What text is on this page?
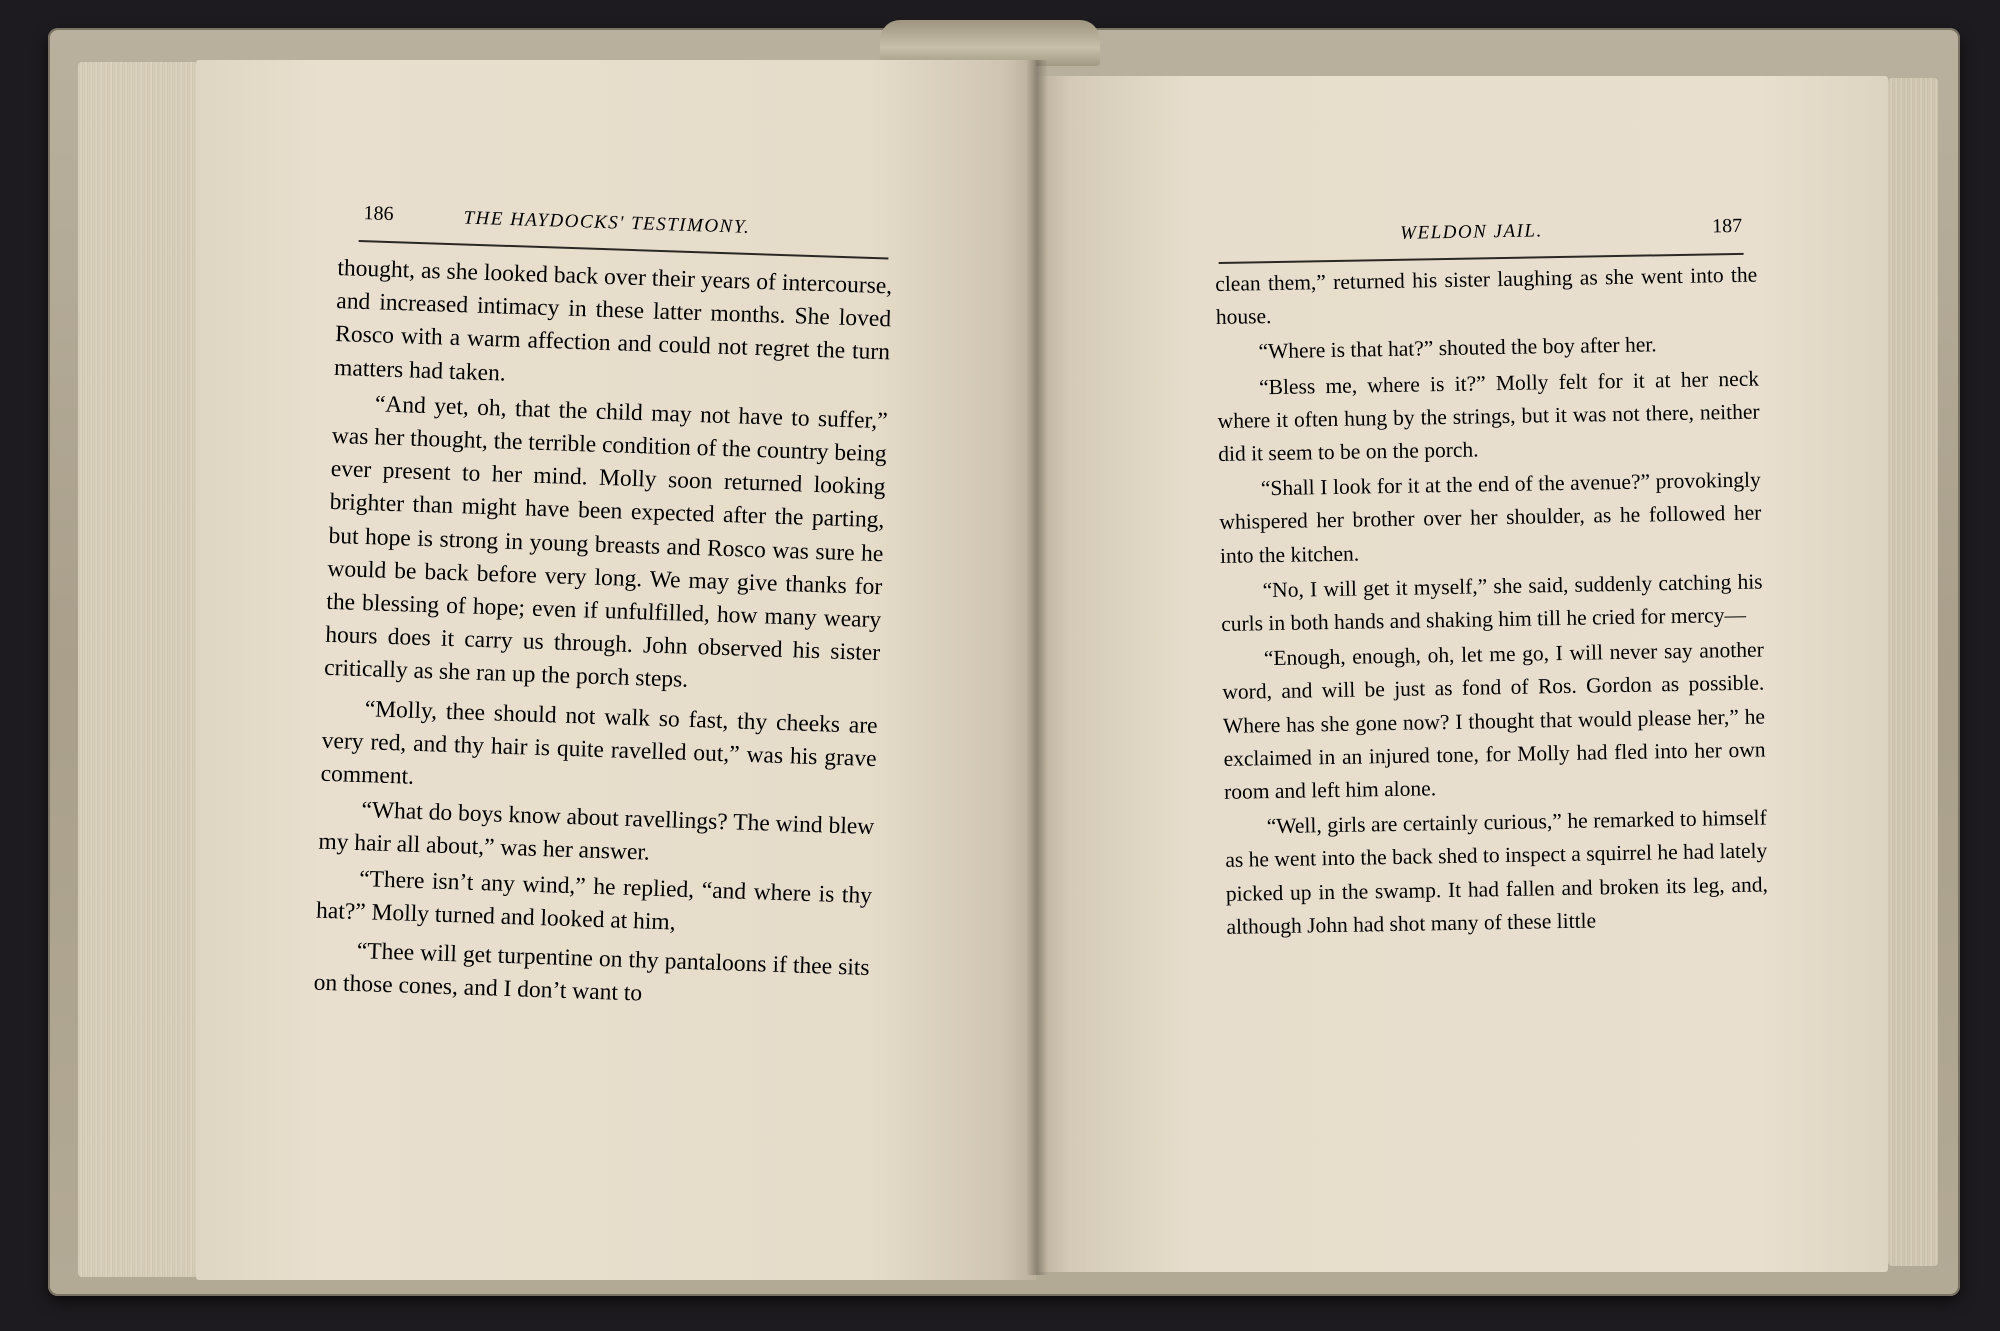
186	THE HAYDOCKS' TESTIMONY.

thought, as she looked back over their years of intercourse, and increased intimacy in these latter months. She loved Rosco with a warm affection and could not regret the turn matters had taken.

“And yet, oh, that the child may not have to suffer,” was her thought, the terrible condition of the country being ever present to her mind. Molly soon returned looking brighter than might have been expected after the parting, but hope is strong in young breasts and Rosco was sure he would be back before very long. We may give thanks for the blessing of hope; even if unfulfilled, how many weary hours does it carry us through. John observed his sister critically as she ran up the porch steps.

“Molly, thee should not walk so fast, thy cheeks are very red, and thy hair is quite ravelled out,” was his grave comment.

“What do boys know about ravellings? The wind blew my hair all about,” was her answer.

“There isn’t any wind,” he replied, “and where is thy hat?” Molly turned and looked at him,

“Thee will get turpentine on thy pantaloons if thee sits on those cones, and I don’t want to

WELDON JAIL.	187

clean them,” returned his sister laughing as she went into the house.

“Where is that hat?” shouted the boy after her.

“Bless me, where is it?” Molly felt for it at her neck where it often hung by the strings, but it was not there, neither did it seem to be on the porch.

“Shall I look for it at the end of the avenue?” provokingly whispered her brother over her shoulder, as he followed her into the kitchen.

“No, I will get it myself,” she said, suddenly catching his curls in both hands and shaking him till he cried for mercy—

“Enough, enough, oh, let me go, I will never say another word, and will be just as fond of Ros. Gordon as possible. Where has she gone now? I thought that would please her,” he exclaimed in an injured tone, for Molly had fled into her own room and left him alone.

“Well, girls are certainly curious,” he remarked to himself as he went into the back shed to inspect a squirrel he had lately picked up in the swamp. It had fallen and broken its leg, and, although John had shot many of these little
